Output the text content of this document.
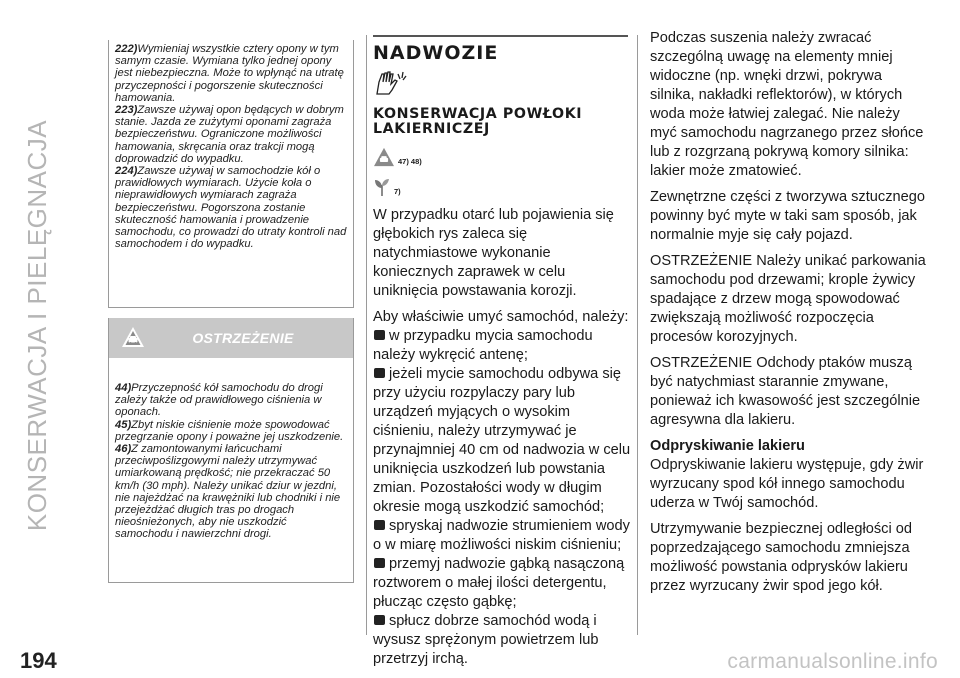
KONSERWACJA I PIELĘGNACJA
222)Wymieniaj wszystkie cztery opony w tym samym czasie. Wymiana tylko jednej opony jest niebezpieczna. Może to wpłynąć na utratę przyczepności i pogorszenie skuteczności hamowania.
223)Zawsze używaj opon będących w dobrym stanie. Jazda ze zużytymi oponami zagraża bezpieczeństwu. Ograniczone możliwości hamowania, skręcania oraz trakcji mogą doprowadzić do wypadku.
224)Zawsze używaj w samochodzie kół o prawidłowych wymiarach. Użycie koła o nieprawidłowych wymiarach zagraża bezpieczeństwu. Pogorszona zostanie skuteczność hamowania i prowadzenie samochodu, co prowadzi do utraty kontroli nad samochodem i do wypadku.
OSTRZEŻENIE
44)Przyczepność kół samochodu do drogi zależy także od prawidłowego ciśnienia w oponach.
45)Zbyt niskie ciśnienie może spowodować przegrzanie opony i poważne jej uszkodzenie.
46)Z zamontowanymi łańcuchami przeciwpoślizgowymi należy utrzymywać umiarkowaną prędkość; nie przekraczać 50 km/h (30 mph). Należy unikać dziur w jezdni, nie najeżdżać na krawężniki lub chodniki i nie przejeżdżać długich tras po drogach nieośnieżonych, aby nie uszkodzić samochodu i nawierzchni drogi.
NADWOZIE
KONSERWACJA POWŁOKI LAKIERNICZEJ
47) 48)
7)
W przypadku otarć lub pojawienia się głębokich rys zaleca się natychmiastowe wykonanie koniecznych zaprawek w celu uniknięcia powstawania korozji.
Aby właściwie umyć samochód, należy:
w przypadku mycia samochodu należy wykręcić antenę;
jeżeli mycie samochodu odbywa się przy użyciu rozpylaczy pary lub urządzeń myjących o wysokim ciśnieniu, należy utrzymywać je przynajmniej 40 cm od nadwozia w celu uniknięcia uszkodzeń lub powstania zmian. Pozostałości wody w długim okresie mogą uszkodzić samochód;
spryskaj nadwozie strumieniem wody o w miarę możliwości niskim ciśnieniu;
przemyj nadwozie gąbką nasączoną roztworem o małej ilości detergentu, płucząc często gąbkę;
spłucz dobrze samochód wodą i wysusz sprężonym powietrzem lub przetrzyj irchą.
Podczas suszenia należy zwracać szczególną uwagę na elementy mniej widoczne (np. wnęki drzwi, pokrywa silnika, nakładki reflektorów), w których woda może łatwiej zalegać. Nie należy myć samochodu nagrzanego przez słońce lub z rozgrzaną pokrywą komory silnika: lakier może zmatowieć.
Zewnętrzne części z tworzywa sztucznego powinny być myte w taki sam sposób, jak normalnie myje się cały pojazd.
OSTRZEŻENIE Należy unikać parkowania samochodu pod drzewami; krople żywicy spadające z drzew mogą spowodować zwiększają możliwość rozpoczęcia procesów korozyjnych.
OSTRZEŻENIE Odchody ptaków muszą być natychmiast starannie zmywane, ponieważ ich kwasowość jest szczególnie agresywna dla lakieru.
Odpryskiwanie lakieru
Odpryskiwanie lakieru występuje, gdy żwir wyrzucany spod kół innego samochodu uderza w Twój samochód.
Utrzymywanie bezpiecznej odległości od poprzedzającego samochodu zmniejsza możliwość powstania odprysków lakieru przez wyrzucany żwir spod jego kół.
194	carmanualsonline.info
